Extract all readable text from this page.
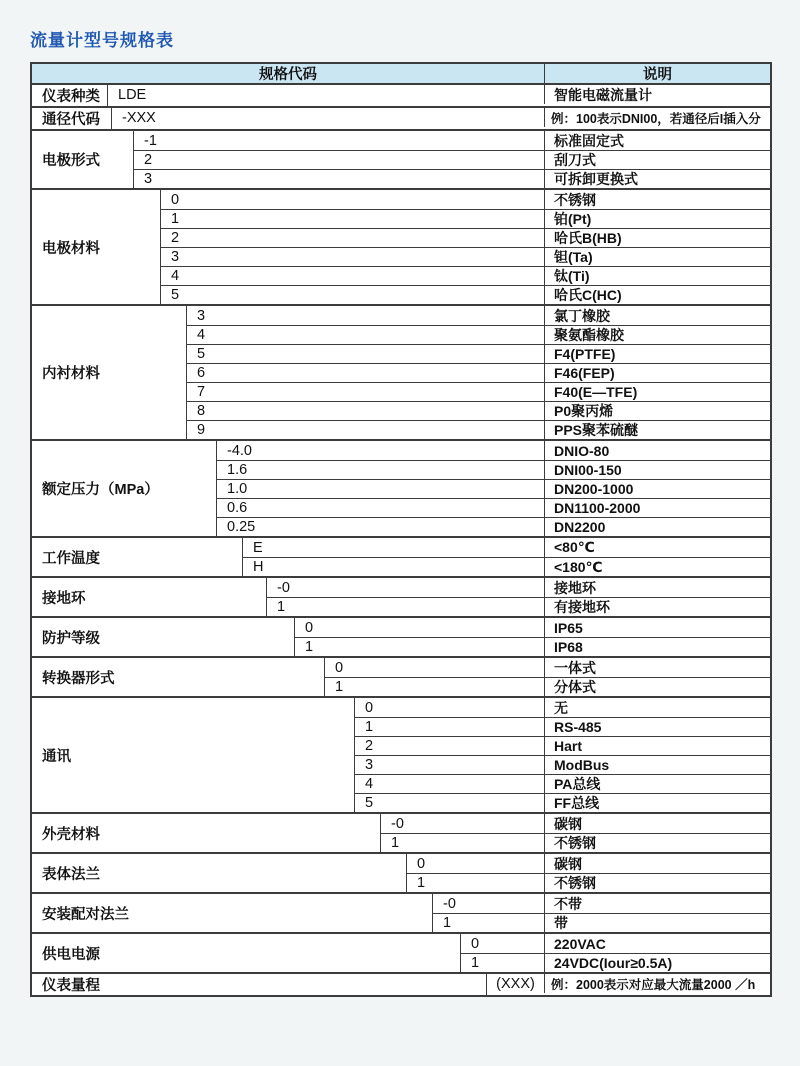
流量计型号规格表
规格代码	说明
仪表种类	LDE	智能电磁流量计
通径代码	-XXX	例：100表示DNI00，若通径后I插入分
电极形式
-1	标准固定式
2	刮刀式
3	可拆卸更换式
电极材料
0	不锈钢
1	铂(Pt)
2	哈氏B(HB)
3	钽(Ta)
4	钛(Ti)
5	哈氏C(HC)
内衬材料
3	氯丁橡胶
4	聚氨酯橡胶
5	F4(PTFE)
6	F46(FEP)
7	F40(E—TFE)
8	P0聚丙烯
9	PPS聚苯硫醚
额定压力（MPa）
-4.0	DNIO-80
1.6	DNI00-150
1.0	DN200-1000
0.6	DN1100-2000
0.25	DN2200
工作温度
E	<80℃
H	<180℃
接地环
-0	接地环
1	有接地环
防护等级
0	IP65
1	IP68
转换器形式
0	一体式
1	分体式
通讯
0	无
1	RS-485
2	Hart
3	ModBus
4	PA总线
5	FF总线
外壳材料
-0	碳钢
1	不锈钢
表体法兰
0	碳钢
1	不锈钢
安装配对法兰
-0	不带
1	带
供电电源
0	220VAC
1	24VDC(Iour≥0.5A)
仪表量程	(XXX)	例：2000表示对应最大流量2000 ／h
